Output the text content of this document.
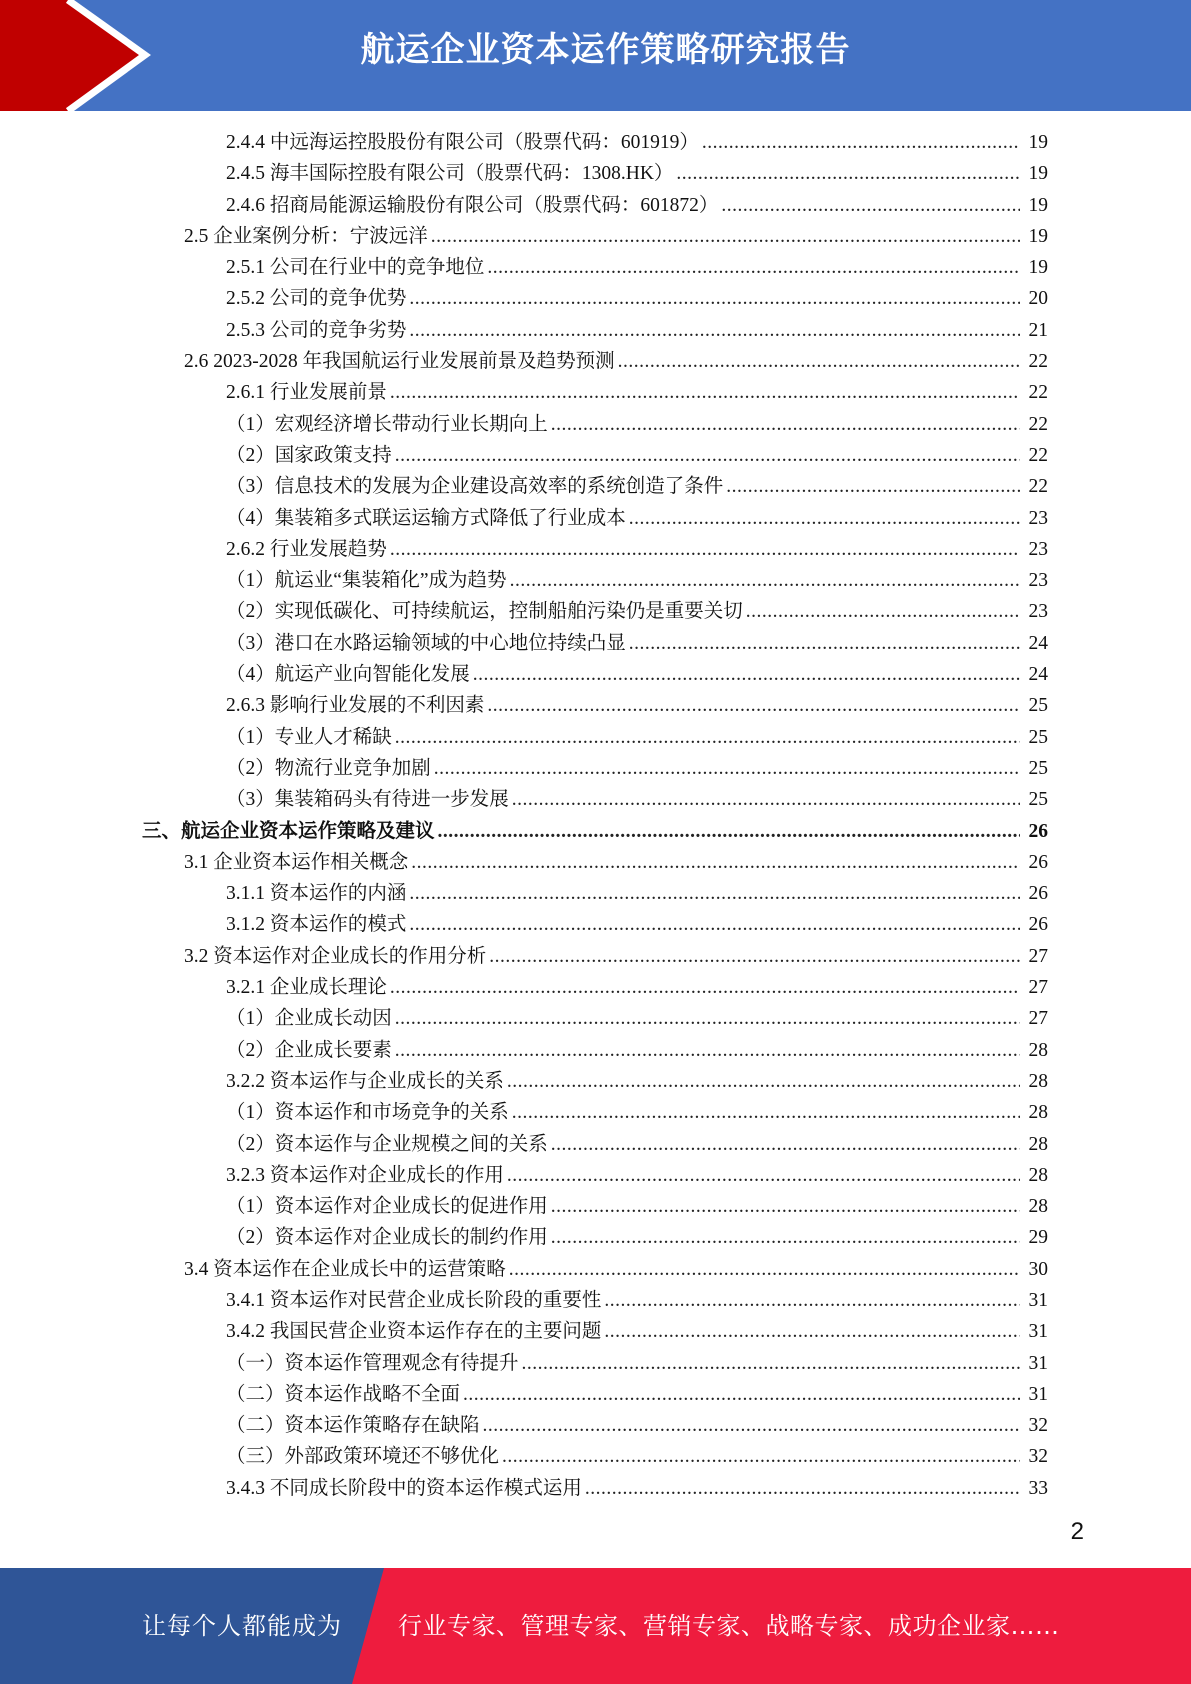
航运企业资本运作策略研究报告
2.4.4 中远海运控股股份有限公司（股票代码：601919） .....	19
2.4.5 海丰国际控股有限公司（股票代码：1308.HK） .....	19
2.4.6 招商局能源运输股份有限公司（股票代码：601872） .....	19
2.5 企业案例分析：宁波远洋 .....	19
2.5.1 公司在行业中的竞争地位 .....	19
2.5.2 公司的竞争优势 .....	20
2.5.3 公司的竞争劣势 .....	21
2.6 2023-2028 年我国航运行业发展前景及趋势预测 .....	22
2.6.1 行业发展前景 .....	22
（1）宏观经济增长带动行业长期向上 .....	22
（2）国家政策支持 .....	22
（3）信息技术的发展为企业建设高效率的系统创造了条件 .....	22
（4）集装箱多式联运运输方式降低了行业成本 .....	23
2.6.2 行业发展趋势 .....	23
（1）航运业“集装箱化”成为趋势 .....	23
（2）实现低碳化、可持续航运，控制船舶污染仍是重要关切 .....	23
（3）港口在水路运输领域的中心地位持续凸显 .....	24
（4）航运产业向智能化发展 .....	24
2.6.3 影响行业发展的不利因素 .....	25
（1）专业人才稀缺 .....	25
（2）物流行业竞争加剧 .....	25
（3）集装箱码头有待进一步发展 .....	25
三、航运企业资本运作策略及建议 .....	26
3.1 企业资本运作相关概念 .....	26
3.1.1 资本运作的内涵 .....	26
3.1.2 资本运作的模式 .....	26
3.2 资本运作对企业成长的作用分析 .....	27
3.2.1 企业成长理论 .....	27
（1）企业成长动因 .....	27
（2）企业成长要素 .....	28
3.2.2 资本运作与企业成长的关系 .....	28
（1）资本运作和市场竞争的关系 .....	28
（2）资本运作与企业规模之间的关系 .....	28
3.2.3 资本运作对企业成长的作用 .....	28
（1）资本运作对企业成长的促进作用 .....	28
（2）资本运作对企业成长的制约作用 .....	29
3.4 资本运作在企业成长中的运营策略 .....	30
3.4.1 资本运作对民营企业成长阶段的重要性 .....	31
3.4.2 我国民营企业资本运作存在的主要问题 .....	31
（一）资本运作管理观念有待提升 .....	31
（二）资本运作战略不全面 .....	31
（二）资本运作策略存在缺陷 .....	32
（三）外部政策环境还不够优化 .....	32
3.4.3 不同成长阶段中的资本运作模式运用 .....	33
2
让每个人都能成为 行业专家、管理专家、营销专家、战略专家、成功企业家……
